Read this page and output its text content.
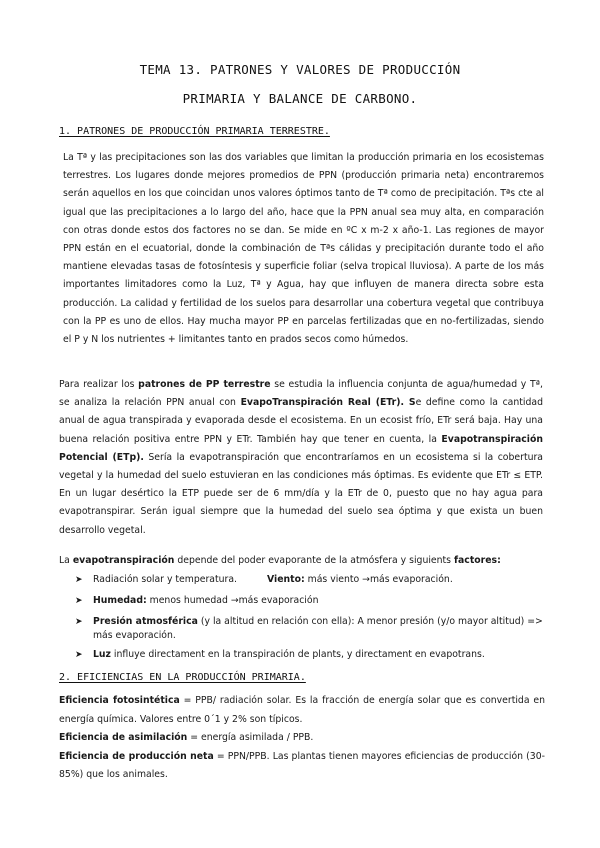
TEMA 13. PATRONES Y VALORES DE PRODUCCIÓN
PRIMARIA Y BALANCE DE CARBONO.
1. PATRONES DE PRODUCCIÓN PRIMARIA TERRESTRE.

La Tª y las precipitaciones son las dos variables que limitan la producción primaria en los ecosistemas terrestres. Los lugares donde mejores promedios de PPN (producción primaria neta) encontraremos serán aquellos en los que coincidan unos valores óptimos tanto de Tª como de precipitación. Tªs cte al igual que las precipitaciones a lo largo del año, hace que la PPN anual sea muy alta, en comparación con otras donde estos dos factores no se dan. Se mide en ºC x m-2 x año-1. Las regiones de mayor PPN están en el ecuatorial, donde la combinación de Tªs cálidas y precipitación durante todo el año mantiene elevadas tasas de fotosíntesis y superficie foliar (selva tropical lluviosa). A parte de los más importantes limitadores como la Luz, Tª y Agua, hay que influyen de manera directa sobre esta producción. La calidad y fertilidad de los suelos para desarrollar una cobertura vegetal que contribuya con la PP es uno de ellos. Hay mucha mayor PP en parcelas fertilizadas que en no-fertilizadas, siendo el P y N los nutrientes + limitantes tanto en prados secos como húmedos.

Para realizar los patrones de PP terrestre se estudia la influencia conjunta de agua/humedad y Tª, se analiza la relación PPN anual con EvapoTranspiración Real (ETr). Se define como la cantidad anual de agua transpirada y evaporada desde el ecosistema. En un ecosist frío, ETr será baja. Hay una buena relación positiva entre PPN y ETr. También hay que tener en cuenta, la Evapotranspiración Potencial (ETp). Sería la evapotranspiración que encontraríamos en un ecosistema si la cobertura vegetal y la humedad del suelo estuvieran en las condiciones más óptimas. Es evidente que ETr ≤ ETP. En un lugar desértico la ETP puede ser de 6 mm/día y la ETr de 0, puesto que no hay agua para evapotranspirar. Serán igual siempre que la humedad del suelo sea óptima y que exista un buen desarrollo vegetal.

La evapotranspiración depende del poder evaporante de la atmósfera y siguients factores:

➤ Radiación solar y temperatura.	Viento: más viento →más evaporación.
➤ Humedad: menos humedad →más evaporación
➤ Presión atmosférica (y la altitud en relación con ella): A menor presión (y/o mayor altitud) => más evaporación.
➤ Luz influye directament en la transpiración de plants, y directament en evapotrans.
2. EFICIENCIAS EN LA PRODUCCIÓN PRIMARIA.
Eficiencia fotosintética = PPB/ radiación solar. Es la fracción de energía solar que es convertida en energía química. Valores entre 0´1 y 2% son típicos.
Eficiencia de asimilación = energía asimilada / PPB.
Eficiencia de producción neta = PPN/PPB. Las plantas tienen mayores eficiencias de producción (30-85%) que los animales.
